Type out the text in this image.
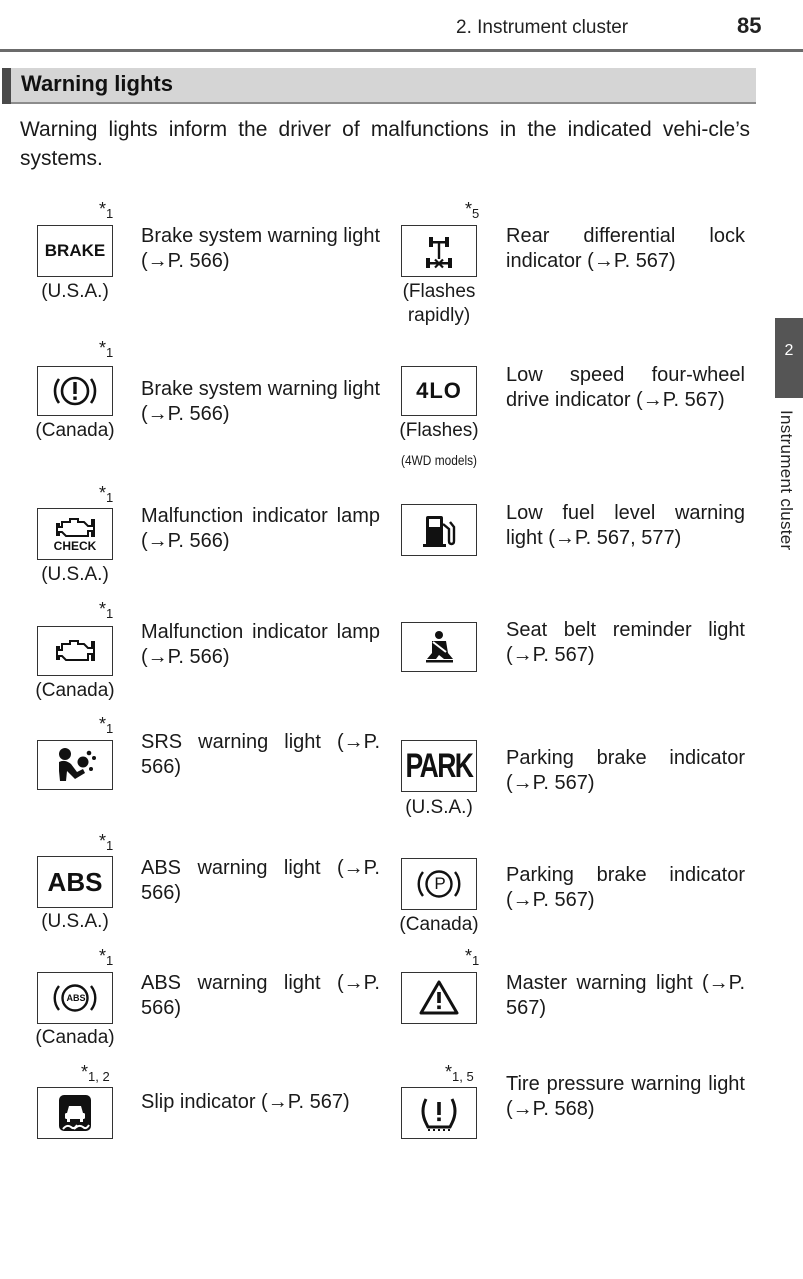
2. Instrument cluster	85
Warning lights
Warning lights inform the driver of malfunctions in the indicated vehi-cle’s systems.
2
Instrument cluster
*1
BRAKE
(U.S.A.)
Brake system warning light (→P. 566)
*1
(Canada)
Brake system warning light (→P. 566)
*1
CHECK
(U.S.A.)
Malfunction indicator lamp (→P. 566)
*1
(Canada)
Malfunction indicator lamp (→P. 566)
*1
SRS warning light (→P. 566)
*1
ABS
(U.S.A.)
ABS warning light (→P. 566)
*1
ABS
(Canada)
ABS warning light (→P. 566)
*1, 2
Slip indicator (→P. 567)
*5
(Flashes rapidly)
Rear differential lock indicator (→P. 567)
4LO
(Flashes)
(4WD models)
Low speed four-wheel drive indicator (→P. 567)
Low fuel level warning light (→P. 567, 577)
Seat belt reminder light (→P. 567)
PARK
(U.S.A.)
Parking brake indicator (→P. 567)
P
(Canada)
Parking brake indicator (→P. 567)
*1
Master warning light (→P. 567)
*1, 5 Tire pressure warning light (→P. 568)
